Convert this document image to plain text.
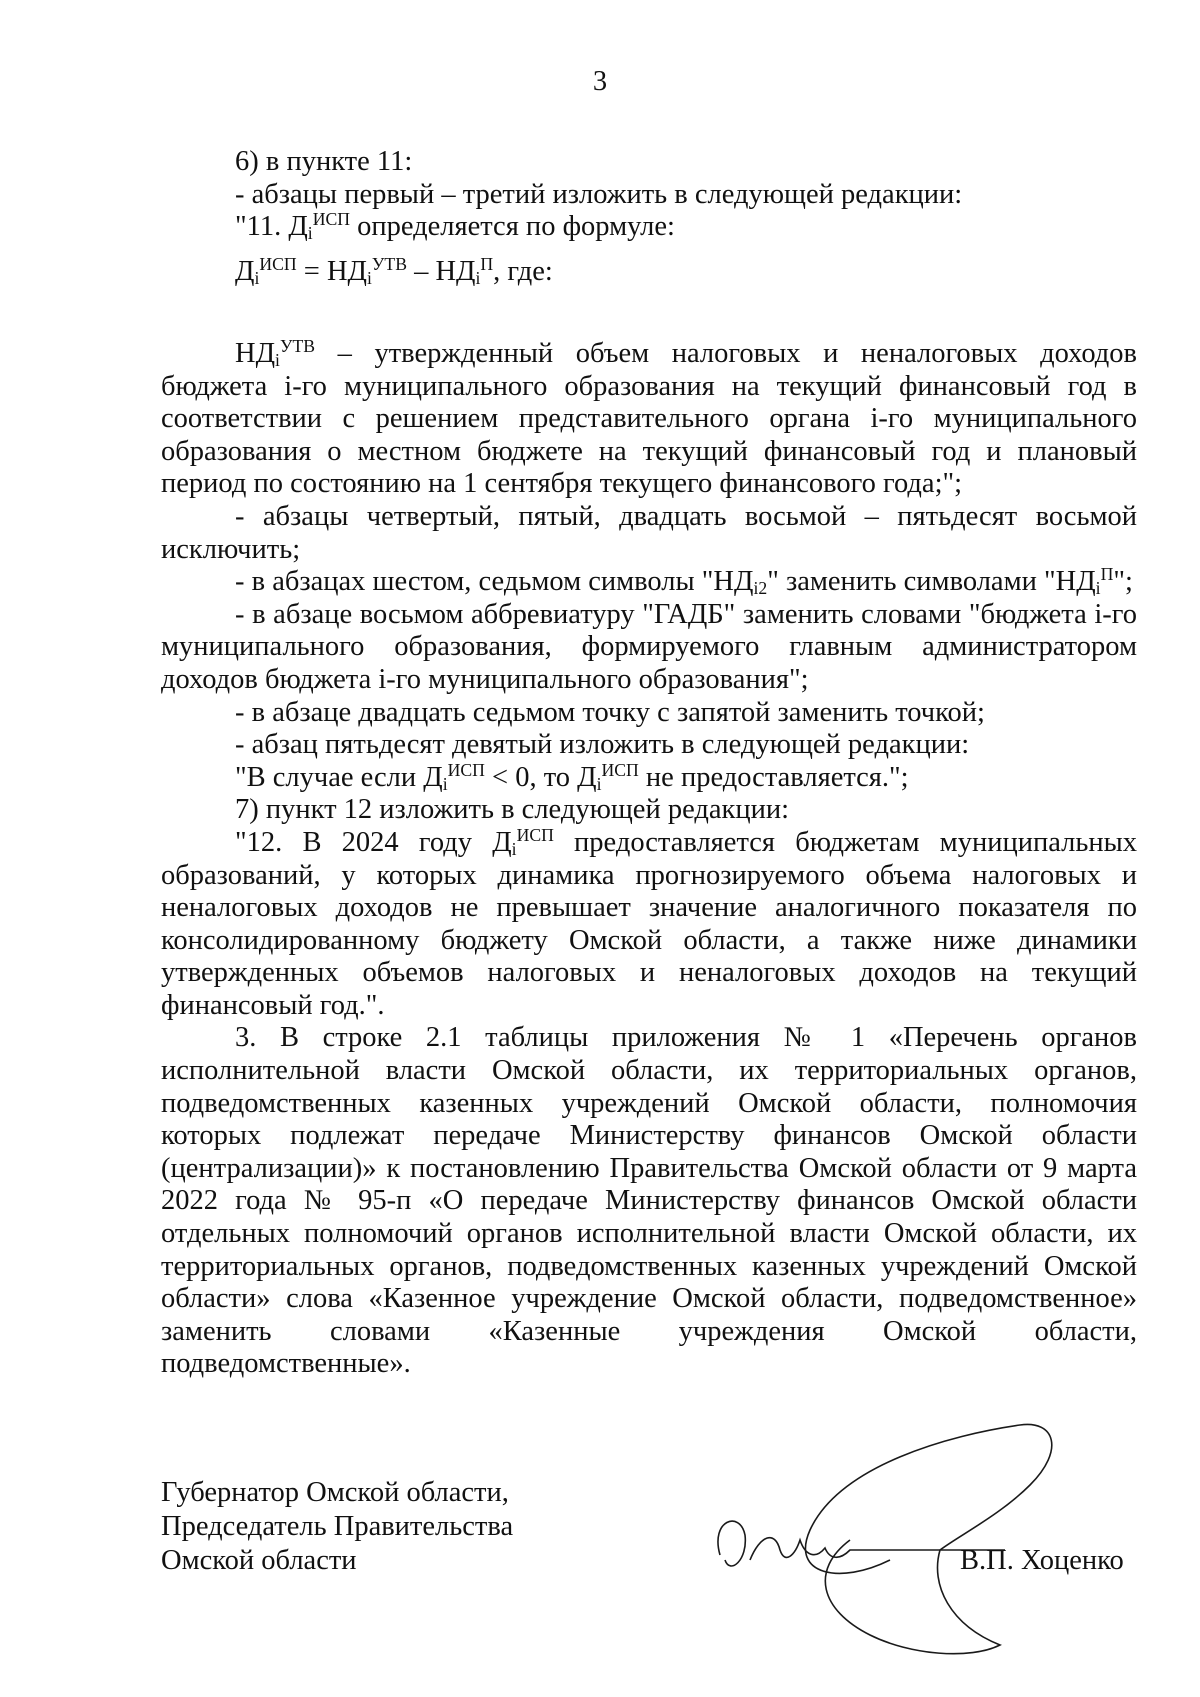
3

6) в пункте 11:

- абзацы первый – третий изложить в следующей редакции:

"11. $Д_i^{ИСП}$ определяется по формуле:

$Д_i^{ИСП} = НД_i^{УТВ} - НД_i^П$, где:

$НД_i^{УТВ}$ – утвержденный объем налоговых и неналоговых доходов бюджета i-го муниципального образования на текущий финансовый год в соответствии с решением представительного органа i-го муниципального образования о местном бюджете на текущий финансовый год и плановый период по состоянию на 1 сентября текущего финансового года;";

- абзацы четвертый, пятый, двадцать восьмой – пятьдесят восьмой исключить;

- в абзацах шестом, седьмом символы "$НД_{i2}$" заменить символами "$НД_i^П$";

- в абзаце восьмом аббревиатуру "ГАДБ" заменить словами "бюджета i-го муниципального образования, формируемого главным администратором доходов бюджета i-го муниципального образования";

- в абзаце двадцать седьмом точку с запятой заменить точкой;

- абзац пятьдесят девятый изложить в следующей редакции:

"В случае если $Д_i^{ИСП} < 0$, то $Д_i^{ИСП}$ не предоставляется.";

7) пункт 12 изложить в следующей редакции:

"12. В 2024 году $Д_i^{ИСП}$ предоставляется бюджетам муниципальных образований, у которых динамика прогнозируемого объема налоговых и неналоговых доходов не превышает значение аналогичного показателя по консолидированному бюджету Омской области, а также ниже динамики утвержденных объемов налоговых и неналоговых доходов на текущий финансовый год.".

3. В строке 2.1 таблицы приложения № 1 «Перечень органов исполнительной власти Омской области, их территориальных органов, подведомственных казенных учреждений Омской области, полномочия которых подлежат передаче Министерству финансов Омской области (централизации)» к постановлению Правительства Омской области от 9 марта 2022 года № 95-п «О передаче Министерству финансов Омской области отдельных полномочий органов исполнительной власти Омской области, их территориальных органов, подведомственных казенных учреждений Омской области» слова «Казенное учреждение Омской области, подведомственное» заменить словами «Казенные учреждения Омской области, подведомственные».

Губернатор Омской области,

Председатель Правительства

Омской области	В.П. Хоценко
